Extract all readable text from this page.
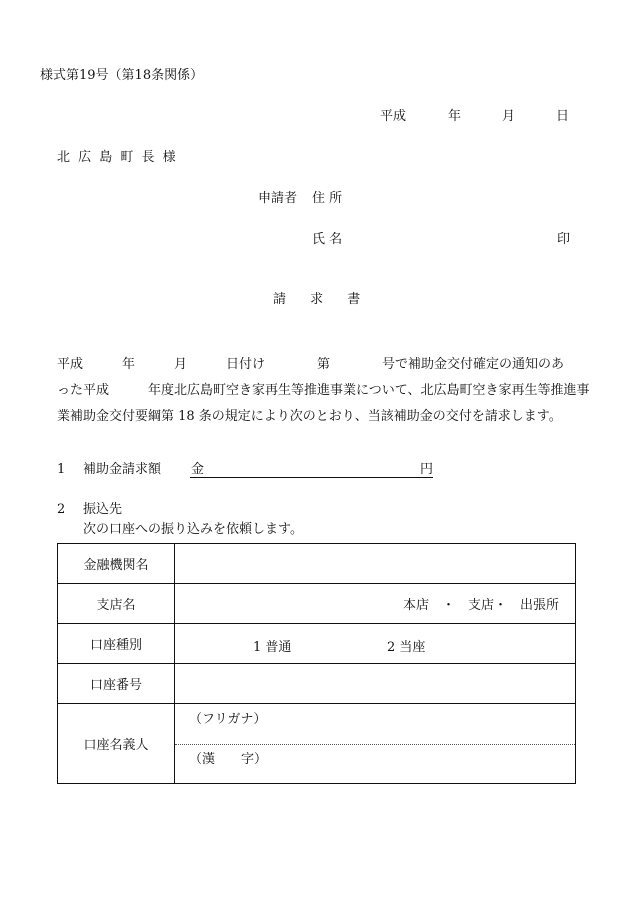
様式第19号（第18条関係）
平成	年	月	日
北 広 島 町 長 様
申請者 住 所
氏 名	印
請 求 書
平成　　　年　　　月　　　日付け　　　　第　　　　号で補助金交付確定の通知のあ
った平成　　　年度北広島町空き家再生等推進事業について、北広島町空き家再生等推進事
業補助金交付要綱第 18 条の規定により次のとおり、当該補助金の交付を請求します。
1 補助金請求額 金	円
2 振込先
次の口座への振り込みを依頼します。
金融機関名	
支店名	本店　・　支店・　出張所
口座種別	1 普通 2 当座

口座番号	
口座名義人	（フリガナ）
（漢　　字）
